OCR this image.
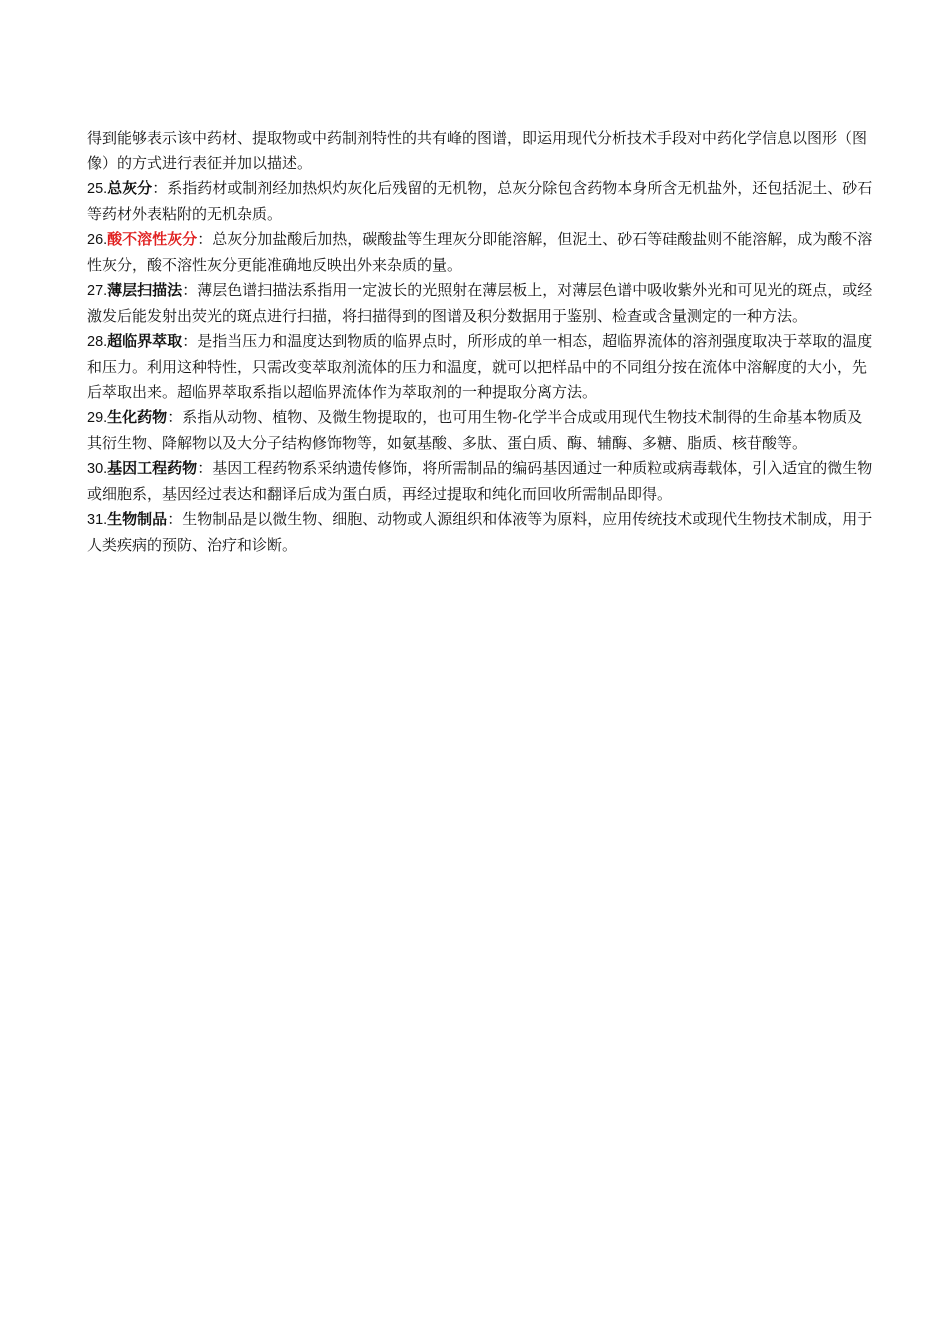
得到能够表示该中药材、提取物或中药制剂特性的共有峰的图谱，即运用现代分析技术手段对中药化学信息以图形（图像）的方式进行表征并加以描述。

25.总灰分：系指药材或制剂经加热炽灼灰化后残留的无机物，总灰分除包含药物本身所含无机盐外，还包括泥土、砂石等药材外表粘附的无机杂质。

26.酸不溶性灰分：总灰分加盐酸后加热，碳酸盐等生理灰分即能溶解，但泥土、砂石等硅酸盐则不能溶解，成为酸不溶性灰分，酸不溶性灰分更能准确地反映出外来杂质的量。

27.薄层扫描法：薄层色谱扫描法系指用一定波长的光照射在薄层板上，对薄层色谱中吸收紫外光和可见光的斑点，或经激发后能发射出荧光的斑点进行扫描，将扫描得到的图谱及积分数据用于鉴别、检查或含量测定的一种方法。

28.超临界萃取：是指当压力和温度达到物质的临界点时，所形成的单一相态，超临界流体的溶剂强度取决于萃取的温度和压力。利用这种特性，只需改变萃取剂流体的压力和温度，就可以把样品中的不同组分按在流体中溶解度的大小，先后萃取出来。超临界萃取系指以超临界流体作为萃取剂的一种提取分离方法。

29.生化药物：系指从动物、植物、及微生物提取的，也可用生物-化学半合成或用现代生物技术制得的生命基本物质及其衍生物、降解物以及大分子结构修饰物等，如氨基酸、多肽、蛋白质、酶、辅酶、多糖、脂质、核苷酸等。

30.基因工程药物：基因工程药物系采纳遗传修饰，将所需制品的编码基因通过一种质粒或病毒载体，引入适宜的微生物或细胞系，基因经过表达和翻译后成为蛋白质，再经过提取和纯化而回收所需制品即得。

31.生物制品：生物制品是以微生物、细胞、动物或人源组织和体液等为原料，应用传统技术或现代生物技术制成，用于人类疾病的预防、治疗和诊断。
